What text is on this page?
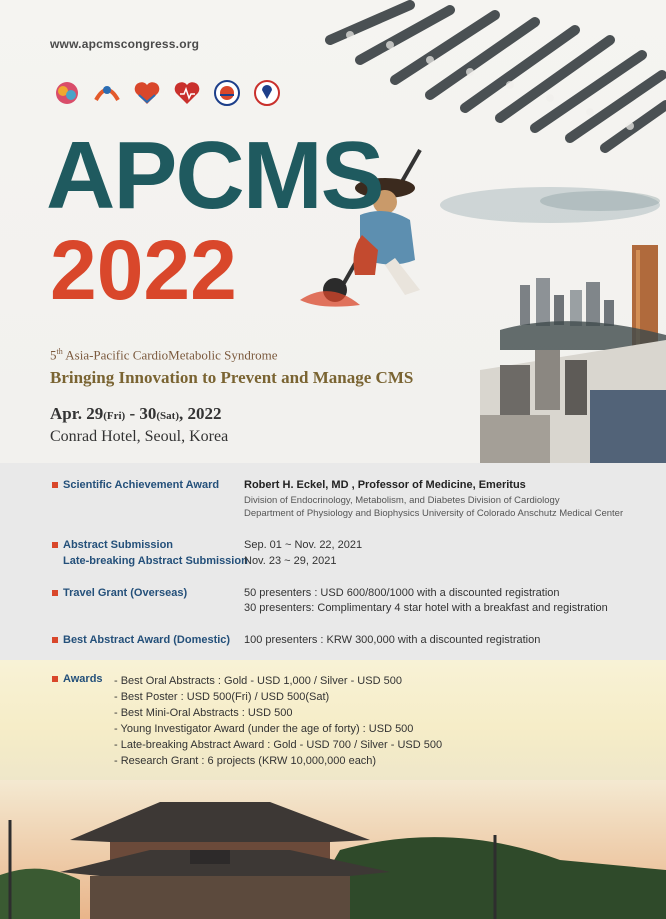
www.apcmscongress.org
APCMS
2022
5th Asia-Pacific CardioMetabolic Syndrome
Bringing Innovation to Prevent and Manage CMS
Apr. 29(Fri) - 30(Sat), 2022
Conrad Hotel, Seoul, Korea
Scientific Achievement Award Robert H. Eckel, MD , Professor of Medicine, Emeritus
Division of Endocrinology, Metabolism, and Diabetes Division of Cardiology
Department of Physiology and Biophysics University of Colorado Anschutz Medical Center
Abstract Submission	Sep. 01 ~ Nov. 22, 2021
Late-breaking Abstract Submission
Nov. 23 ~ 29, 2021
Travel Grant (Overseas)	50 presenters : USD 600/800/1000 with a discounted registration
30 presenters: Complimentary 4 star hotel with a breakfast and registration
Best Abstract Award (Domestic) 100 presenters : KRW 300,000 with a discounted registration
Awards - Best Oral Abstracts : Gold - USD 1,000 / Silver - USD 500
- Best Poster : USD 500(Fri) / USD 500(Sat)
- Best Mini-Oral Abstracts : USD 500
- Young Investigator Award (under the age of forty) : USD 500
- Late-breaking Abstract Award : Gold - USD 700 / Silver - USD 500
- Research Grant : 6 projects (KRW 10,000,000 each)
